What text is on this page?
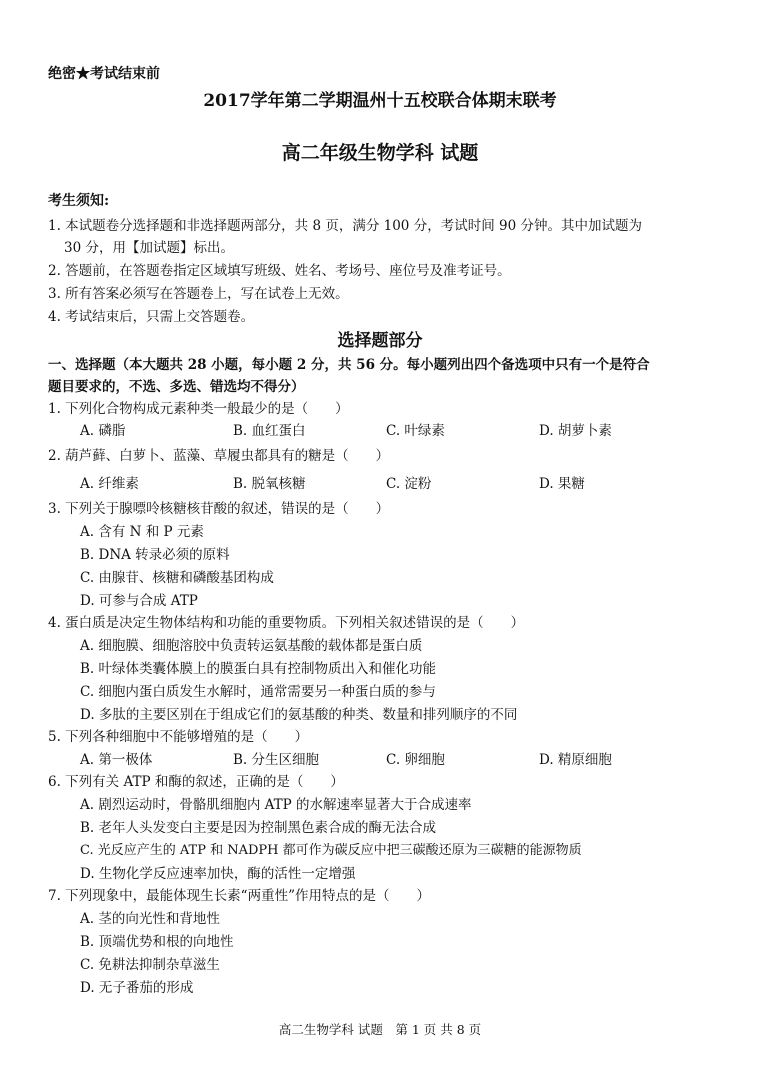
绝密★考试结束前
2017学年第二学期温州十五校联合体期末联考
高二年级生物学科 试题
考生须知:
1. 本试题卷分选择题和非选择题两部分，共 8 页，满分 100 分，考试时间 90 分钟。其中加试题为
30 分，用【加试题】标出。
2. 答题前，在答题卷指定区域填写班级、姓名、考场号、座位号及准考证号。
3. 所有答案必须写在答题卷上，写在试卷上无效。
4. 考试结束后，只需上交答题卷。
选择题部分
一、选择题（本大题共 28 小题，每小题 2 分，共 56 分。每小题列出四个备选项中只有一个是符合
题目要求的，不选、多选、错选均不得分）
1. 下列化合物构成元素种类一般最少的是（　　）
A. 磷脂	B. 血红蛋白	C. 叶绿素	D. 胡萝卜素
2. 葫芦藓、白萝卜、蓝藻、草履虫都具有的糖是（　　）
A. 纤维素	B. 脱氧核糖	C. 淀粉	D. 果糖
3. 下列关于腺嘌呤核糖核苷酸的叙述，错误的是（　　）
A. 含有 N 和 P 元素
B. DNA 转录必须的原料
C. 由腺苷、核糖和磷酸基团构成
D. 可参与合成 ATP
4. 蛋白质是决定生物体结构和功能的重要物质。下列相关叙述错误的是（　　）
A. 细胞膜、细胞溶胶中负责转运氨基酸的载体都是蛋白质
B. 叶绿体类囊体膜上的膜蛋白具有控制物质出入和催化功能
C. 细胞内蛋白质发生水解时，通常需要另一种蛋白质的参与
D. 多肽的主要区别在于组成它们的氨基酸的种类、数量和排列顺序的不同
5. 下列各种细胞中不能够增殖的是（　　）
A. 第一极体	B. 分生区细胞	C. 卵细胞	D. 精原细胞
6. 下列有关 ATP 和酶的叙述，正确的是（　　）
A. 剧烈运动时，骨骼肌细胞内 ATP 的水解速率显著大于合成速率
B. 老年人头发变白主要是因为控制黑色素合成的酶无法合成
C. 光反应产生的 ATP 和 NADPH 都可作为碳反应中把三碳酸还原为三碳糖的能源物质
D. 生物化学反应速率加快，酶的活性一定增强
7. 下列现象中，最能体现生长素“两重性”作用特点的是（　　）
A. 茎的向光性和背地性
B. 顶端优势和根的向地性
C. 免耕法抑制杂草滋生
D. 无子番茄的形成
高二生物学科 试题　第 1 页 共 8 页
